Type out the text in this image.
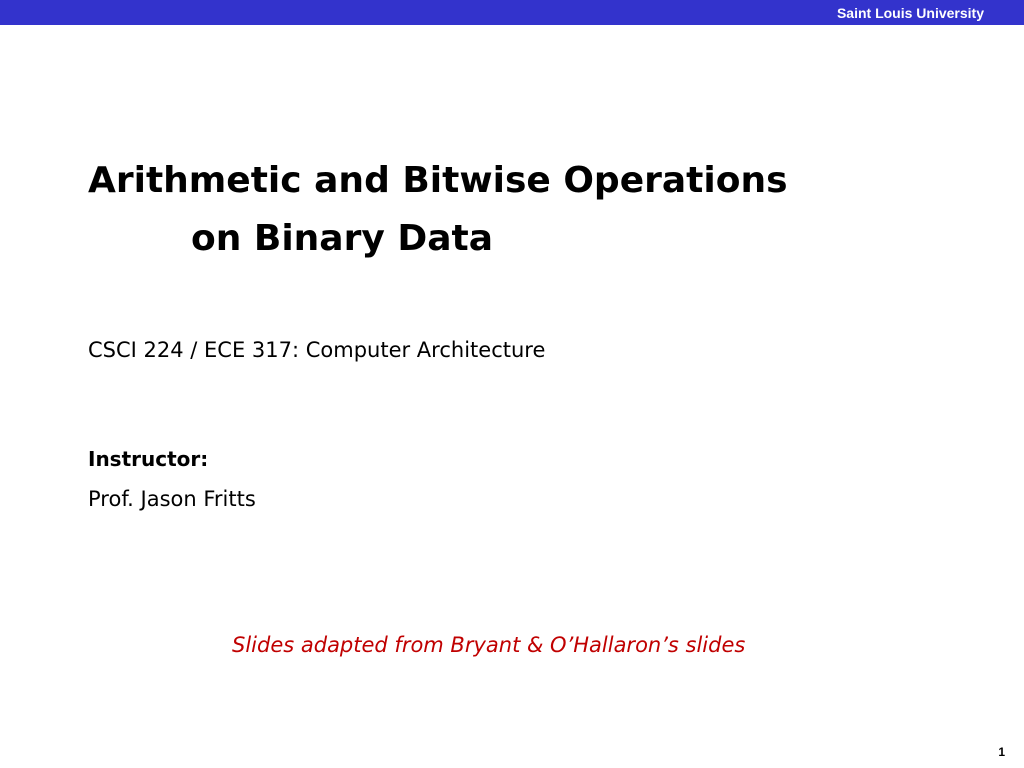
Saint Louis University
Arithmetic and Bitwise Operations
on Binary Data
CSCI 224 / ECE 317: Computer Architecture
Instructor:
Prof. Jason Fritts
Slides adapted from Bryant & O’Hallaron’s slides
1
